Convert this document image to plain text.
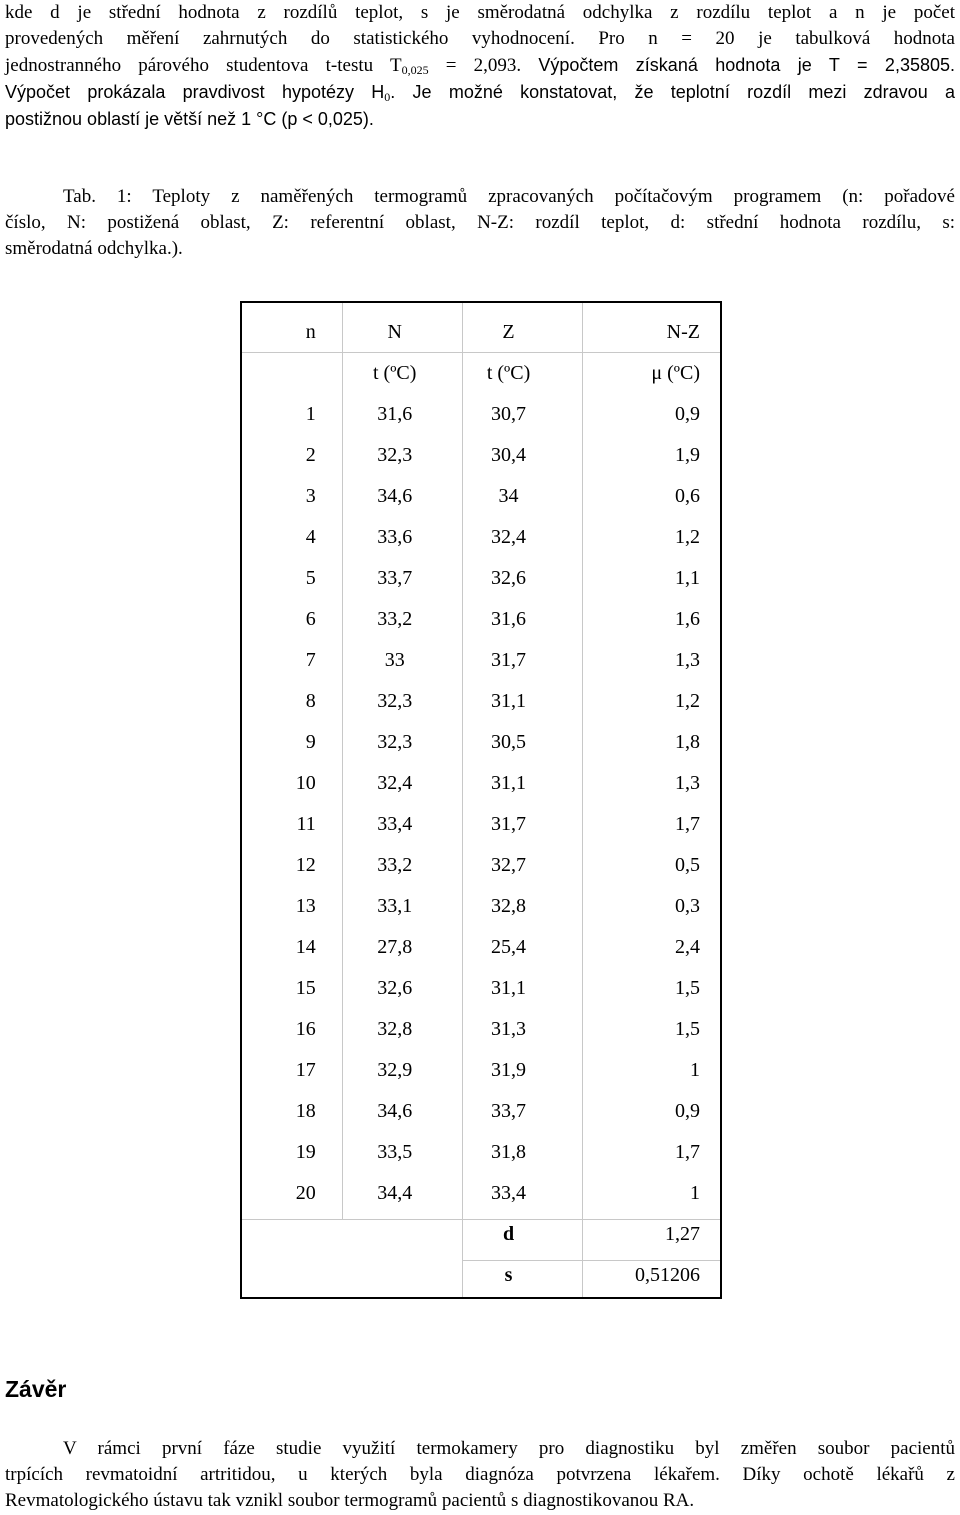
kde d je střední hodnota z rozdílů teplot, s je směrodatná odchylka z rozdílu teplot a n je počet
provedených měření zahrnutých do statistického vyhodnocení. Pro n = 20 je tabulková hodnota
jednostranného párového studentova t-testu $T_{0,025} = 2,093$. Výpočtem získaná hodnota je T = 2,35805.
Výpočet prokázala pravdivost hypotézy $H_0$. Je možné konstatovat, že teplotní rozdíl mezi zdravou a
postižnou oblastí je větší než 1 °C (p < 0,025).
Tab. 1: Teploty z naměřených termogramů zpracovaných počítačovým programem (n: pořadové
číslo, N: postižená oblast, Z: referentní oblast, N-Z: rozdíl teplot, d: střední hodnota rozdílu, s:
směrodatná odchylka.).
n	N	Z	N-Z
	t (ºC)	t (ºC)	μ (ºC)
1	31,6	30,7	0,9
2	32,3	30,4	1,9
3	34,6	34	0,6
4	33,6	32,4	1,2
5	33,7	32,6	1,1
6	33,2	31,6	1,6
7	33	31,7	1,3
8	32,3	31,1	1,2
9	32,3	30,5	1,8
10	32,4	31,1	1,3
11	33,4	31,7	1,7
12	33,2	32,7	0,5
13	33,1	32,8	0,3
14	27,8	25,4	2,4
15	32,6	31,1	1,5
16	32,8	31,3	1,5
17	32,9	31,9	1
18	34,6	33,7	0,9
19	33,5	31,8	1,7
20	34,4	33,4	1
		d	1,27
		s	0,51206
Závěr
V rámci první fáze studie využití termokamery pro diagnostiku byl změřen soubor pacientů
trpících revmatoidní artritidou, u kterých byla diagnóza potvrzena lékařem. Díky ochotě lékařů z
Revmatologického ústavu tak vznikl soubor termogramů pacientů s diagnostikovanou RA.
